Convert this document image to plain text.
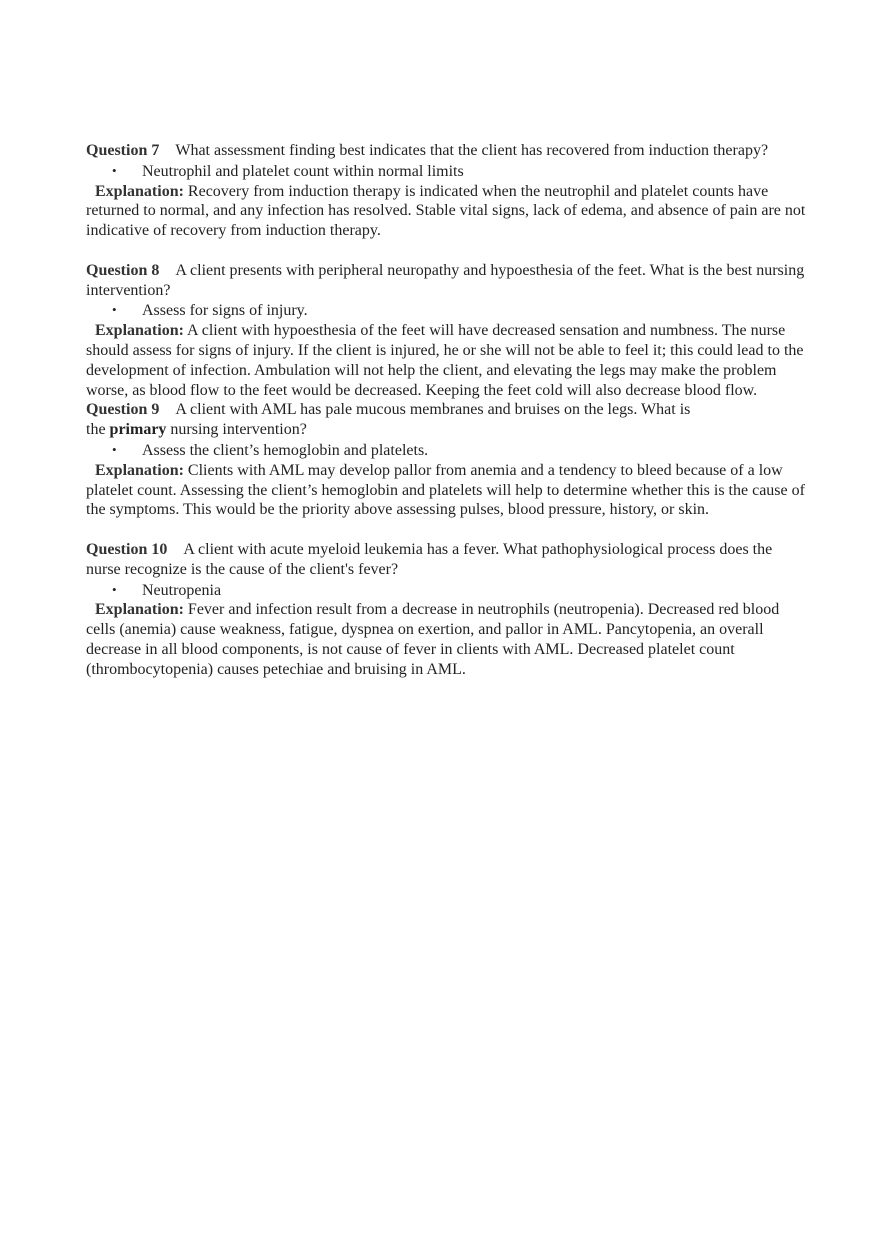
Question 7 What assessment finding best indicates that the client has recovered from induction therapy?

• Neutrophil and platelet count within normal limits

Explanation: Recovery from induction therapy is indicated when the neutrophil and platelet counts have returned to normal, and any infection has resolved. Stable vital signs, lack of edema, and absence of pain are not indicative of recovery from induction therapy.

Question 8 A client presents with peripheral neuropathy and hypoesthesia of the feet. What is the best nursing intervention?

• Assess for signs of injury.

Explanation: A client with hypoesthesia of the feet will have decreased sensation and numbness. The nurse should assess for signs of injury. If the client is injured, he or she will not be able to feel it; this could lead to the development of infection. Ambulation will not help the client, and elevating the legs may make the problem worse, as blood flow to the feet would be decreased. Keeping the feet cold will also decrease blood flow.

Question 9 A client with AML has pale mucous membranes and bruises on the legs. What is
the primary nursing intervention?

• Assess the client’s hemoglobin and platelets.

Explanation: Clients with AML may develop pallor from anemia and a tendency to bleed because of a low platelet count. Assessing the client’s hemoglobin and platelets will help to determine whether this is the cause of the symptoms. This would be the priority above assessing pulses, blood pressure, history, or skin.

Question 10 A client with acute myeloid leukemia has a fever. What pathophysiological process does the nurse recognize is the cause of the client's fever?

• Neutropenia

Explanation: Fever and infection result from a decrease in neutrophils (neutropenia). Decreased red blood cells (anemia) cause weakness, fatigue, dyspnea on exertion, and pallor in AML. Pancytopenia, an overall decrease in all blood components, is not cause of fever in clients with AML. Decreased platelet count (thrombocytopenia) causes petechiae and bruising in AML.
